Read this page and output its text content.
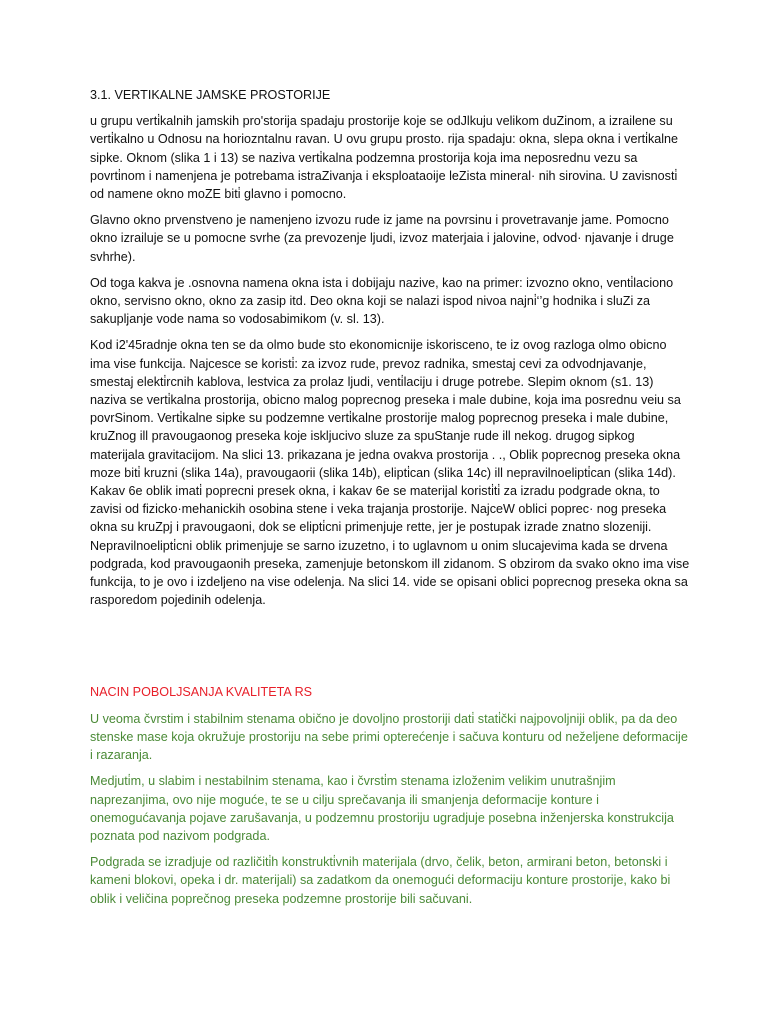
3.1. VERTIKALNE JAMSKE PROSTORIJE

u grupu verti̇kalnih jamskih pro'storija spadaju prostorije koje se odJlkuju velikom duZinom, a izrailene su verti̇kalno u Odnosu na horiozntalnu ravan. U ovu grupu prosto. rija spadaju: okna, slepa okna i verti̇kalne sipke. Oknom (slika 1 i 13) se naziva verti̇kalna podzemna prostorija koja ima neposrednu vezu sa povrti̇nom i namenjena je potrebama istraZivanja i eksploataoije leZista mineral· nih sirovina. U zavisnosti̇ od namene okno moZE biti̇ glavno i pomocno.

Glavno okno prvenstveno je namenjeno izvozu rude iz jame na povrsinu i provetravanje jame. Pomocno okno izrailuje se u pomocne svrhe (za prevozenje ljudi, izvoz materjaia i jalovine, odvod· njavanje i druge svhrhe).

Od toga kakva je .osnovna namena okna ista i dobijaju nazive, kao na primer: izvozno okno, venti̇laciono okno, servisno okno, okno za zasip itd. Deo okna koji se nalazi ispod nivoa najni̇‘’g hodnika i sluZi za sakupljanje vode nama so vodosabimikom (v. sl. 13).

Kod i2'45radnje okna ten se da olmo bude sto ekonomicnije iskorisceno, te iz ovog razloga olmo obicno ima vise funkcija. Najcesce se koristi̇: za izvoz rude, prevoz radnika, smestaj cevi za odvodnjavanje, smestaj elekti̇rcnih kablova, lestvica za prolaz ljudi, venti̇laciju i druge potrebe. Slepim oknom (s1. 13) naziva se verti̇kalna prostorija, obicno malog poprecnog preseka i male dubine, koja ima posrednu veiu sa povrSinom. Verti̇kalne sipke su podzemne verti̇kalne prostorije malog poprecnog preseka i male dubine, kruZnog ill pravougaonog preseka koje iskljucivo sluze za spuStanje rude ill nekog. drugog sipkog materijala gravitacijom. Na slici 13. prikazana je jedna ovakva prostorija . ., Oblik poprecnog preseka okna moze biti̇ kruzni (slika 14a), pravougaorii (slika 14b), elipti̇can (slika 14c) ill nepravilnoelipti̇can (slika 14d). Kakav 6e oblik imati̇ poprecni presek okna, i kakav 6e se materijal koristi̇ti̇ za izradu podgrade okna, to zavisi od fizicko·mehanickih osobina stene i veka trajanja prostorije. NajceW oblici poprec· nog preseka okna su kruZpj i pravougaoni, dok se elipti̇cni primenjuje rette, jer je postupak izrade znatno slozeniji. Nepravilnoelipti̇cni oblik primenjuje se sarno izuzetno, i to uglavnom u onim slucajevima kada se drvena podgrada, kod pravougaonih preseka, zamenjuje betonskom ill zidanom. S obzirom da svako okno ima vise funkcija, to je ovo i izdeljeno na vise odelenja. Na slici 14. vide se opisani oblici poprecnog preseka okna sa rasporedom pojedinih odelenja.

NACIN POBOLJSANJA KVALITETA RS

U veoma čvrstim i stabilnim stenama obično je dovoljno prostoriji dati̇ stati̇čki najpovoljniji oblik, pa da deo stenske mase koja okružuje prostoriju na sebe primi opterećenje i sačuva konturu od neželjene deformacije i razaranja.

Medjuti̇m, u slabim i nestabilnim stenama, kao i čvrsti̇m stenama izloženim velikim unutrašnjim naprezanjima, ovo nije moguće, te se u cilju sprečavanja ili smanjenja deformacije konture i onemogućavanja pojave zarušavanja, u podzemnu prostoriju ugradjuje posebna inženjerska konstrukcija poznata pod nazivom podgrada.

Podgrada se izradjuje od različiti̇h konstrukti̇vnih materijala (drvo, čelik, beton, armirani beton, betonski i kameni blokovi, opeka i dr. materijali) sa zadatkom da onemogući deformaciju konture prostorije, kako bi oblik i veličina poprečnog preseka podzemne prostorije bili sačuvani.
